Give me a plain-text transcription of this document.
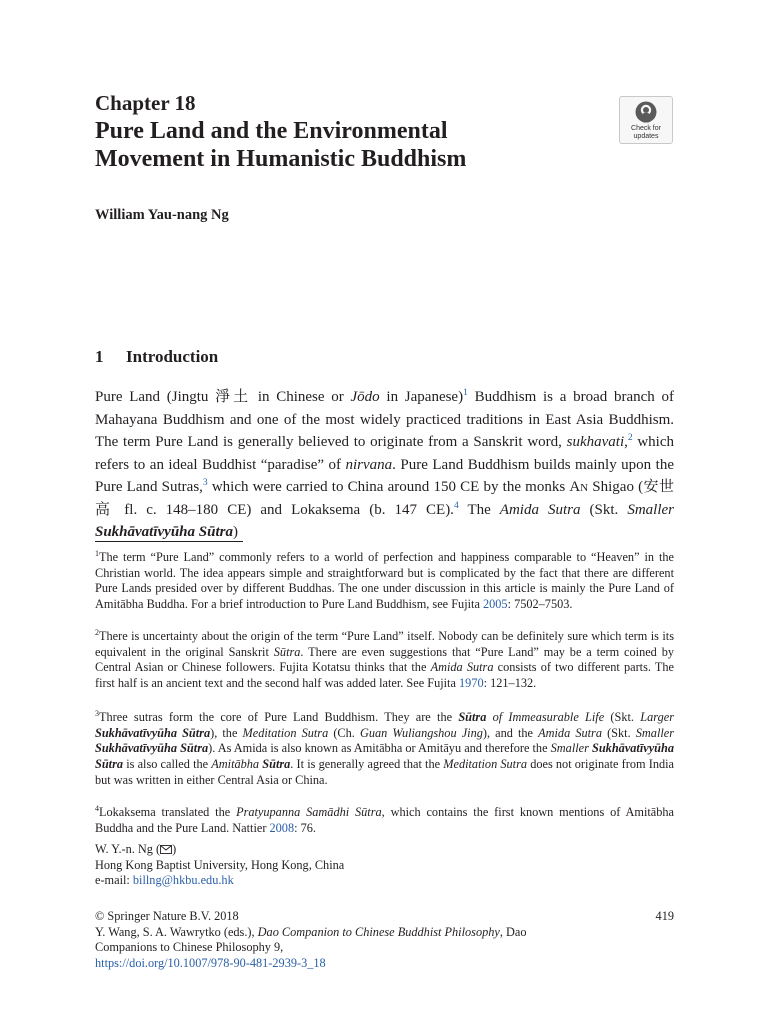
Chapter 18
Pure Land and the Environmental
Movement in Humanistic Buddhism
Check for
updates
William Yau-nang Ng
1 Introduction
Pure Land (Jingtu 淨土 in Chinese or Jōdo in Japanese)$^1$ Buddhism is a broad branch of Mahayana Buddhism and one of the most widely practiced traditions in East Asia Buddhism. The term Pure Land is generally believed to originate from a Sanskrit word, sukhavati,$^2$ which refers to an ideal Buddhist “paradise” of nirvana. Pure Land Buddhism builds mainly upon the Pure Land Sutras,$^3$ which were carried to China around 150 CE by the monks An Shigao (安世高 fl. c. 148–180 CE) and Lokaksema (b. 147 CE).$^4$ The Amida Sutra (Skt. Smaller Sukhāvatīvyūha Sūtra)
$^1$The term “Pure Land” commonly refers to a world of perfection and happiness comparable to “Heaven” in the Christian world. The idea appears simple and straightforward but is complicated by the fact that there are different Pure Lands presided over by different Buddhas. The one under discussion in this article is mainly the Pure Land of Amitābha Buddha. For a brief introduction to Pure Land Buddhism, see Fujita 2005: 7502–7503.
$^2$There is uncertainty about the origin of the term “Pure Land” itself. Nobody can be definitely sure which term is its equivalent in the original Sanskrit Sūtra. There are even suggestions that “Pure Land” may be a term coined by Central Asian or Chinese followers. Fujita Kotatsu thinks that the Amida Sutra consists of two different parts. The first half is an ancient text and the second half was added later. See Fujita 1970: 121–132.
$^3$Three sutras form the core of Pure Land Buddhism. They are the Sūtra of Immeasurable Life (Skt. Larger Sukhāvatīvyūha Sūtra), the Meditation Sutra (Ch. Guan Wuliangshou Jing), and the Amida Sutra (Skt. Smaller Sukhāvatīvyūha Sūtra). As Amida is also known as Amitābha or Amitāyu and therefore the Smaller Sukhāvatīvyūha Sūtra is also called the Amitābha Sūtra. It is generally agreed that the Meditation Sutra does not originate from India but was written in either Central Asia or China.
$^4$Lokaksema translated the Pratyupanna Samādhi Sūtra, which contains the first known mentions of Amitābha Buddha and the Pure Land. Nattier 2008: 76.
W. Y.-n. Ng ( )
Hong Kong Baptist University, Hong Kong, China
e-mail: billng@hkbu.edu.hk
© Springer Nature B.V. 2018
Y. Wang, S. A. Wawrytko (eds.), Dao Companion to Chinese Buddhist Philosophy, Dao Companions to Chinese Philosophy 9,
https://doi.org/10.1007/978-90-481-2939-3_18
419
